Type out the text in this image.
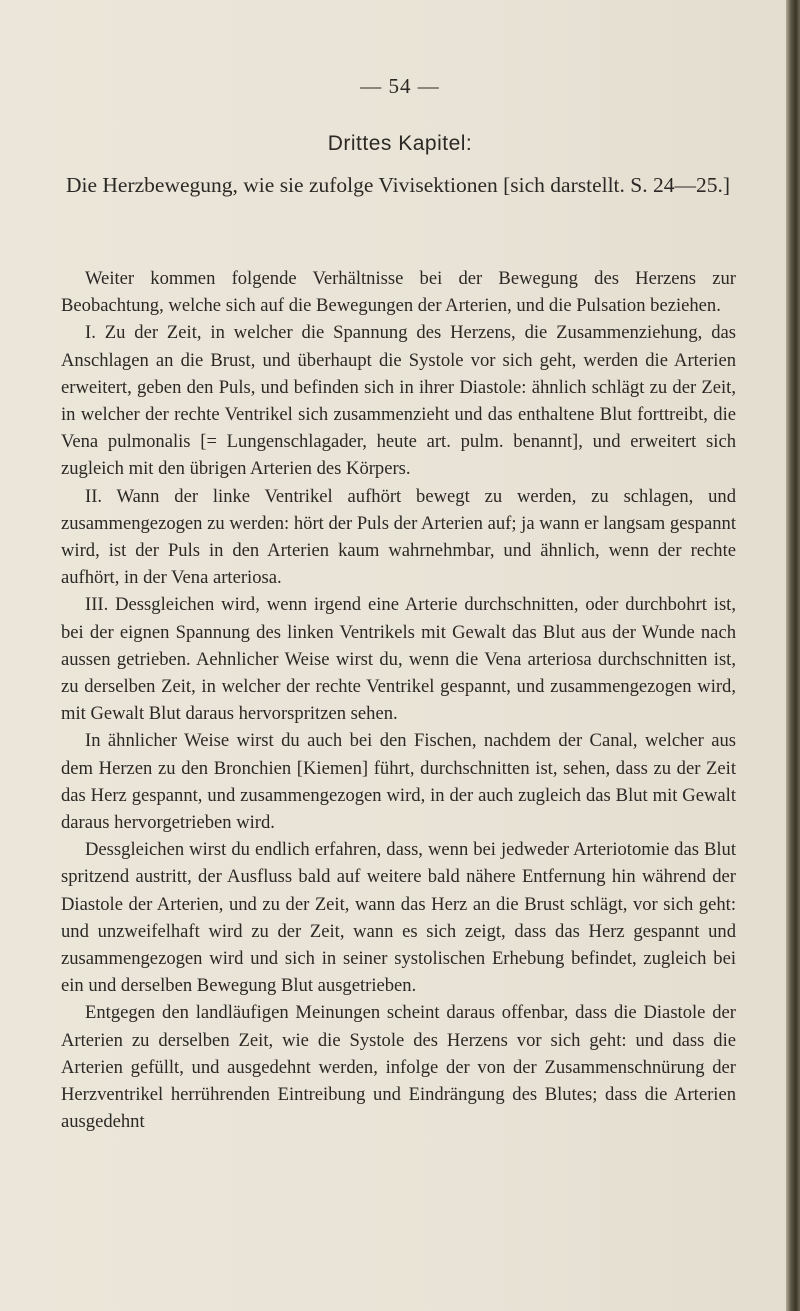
— 54 —
Drittes Kapitel:
Die Herzbewegung, wie sie zufolge Vivisektionen [sich darstellt. S. 24—25.]

Weiter kommen folgende Verhältnisse bei der Bewegung des Herzens zur Beobachtung, welche sich auf die Bewegungen der Arterien, und die Pulsation beziehen.

I. Zu der Zeit, in welcher die Spannung des Herzens, die Zusammenziehung, das Anschlagen an die Brust, und überhaupt die Systole vor sich geht, werden die Arterien erweitert, geben den Puls, und befinden sich in ihrer Diastole: ähnlich schlägt zu der Zeit, in welcher der rechte Ventrikel sich zusammenzieht und das enthaltene Blut forttreibt, die Vena pulmonalis [= Lungenschlagader, heute art. pulm. benannt], und erweitert sich zugleich mit den übrigen Arterien des Körpers.

II. Wann der linke Ventrikel aufhört bewegt zu werden, zu schlagen, und zusammengezogen zu werden: hört der Puls der Arterien auf; ja wann er langsam gespannt wird, ist der Puls in den Arterien kaum wahrnehmbar, und ähnlich, wenn der rechte aufhört, in der Vena arteriosa.

III. Dessgleichen wird, wenn irgend eine Arterie durchschnitten, oder durchbohrt ist, bei der eignen Spannung des linken Ventrikels mit Gewalt das Blut aus der Wunde nach aussen getrieben. Aehnlicher Weise wirst du, wenn die Vena arteriosa durchschnitten ist, zu derselben Zeit, in welcher der rechte Ventrikel gespannt, und zusammengezogen wird, mit Gewalt Blut daraus hervorspritzen sehen.

In ähnlicher Weise wirst du auch bei den Fischen, nachdem der Canal, welcher aus dem Herzen zu den Bronchien [Kiemen] führt, durchschnitten ist, sehen, dass zu der Zeit das Herz gespannt, und zusammengezogen wird, in der auch zugleich das Blut mit Gewalt daraus hervorgetrieben wird.

Dessgleichen wirst du endlich erfahren, dass, wenn bei jedweder Arteriotomie das Blut spritzend austritt, der Ausfluss bald auf weitere bald nähere Entfernung hin während der Diastole der Arterien, und zu der Zeit, wann das Herz an die Brust schlägt, vor sich geht: und unzweifelhaft wird zu der Zeit, wann es sich zeigt, dass das Herz gespannt und zusammengezogen wird und sich in seiner systolischen Erhebung befindet, zugleich bei ein und derselben Bewegung Blut ausgetrieben.

Entgegen den landläufigen Meinungen scheint daraus offenbar, dass die Diastole der Arterien zu derselben Zeit, wie die Systole des Herzens vor sich geht: und dass die Arterien gefüllt, und ausgedehnt werden, infolge der von der Zusammenschnürung der Herzventrikel herrührenden Eintreibung und Eindrängung des Blutes; dass die Arterien ausgedehnt
